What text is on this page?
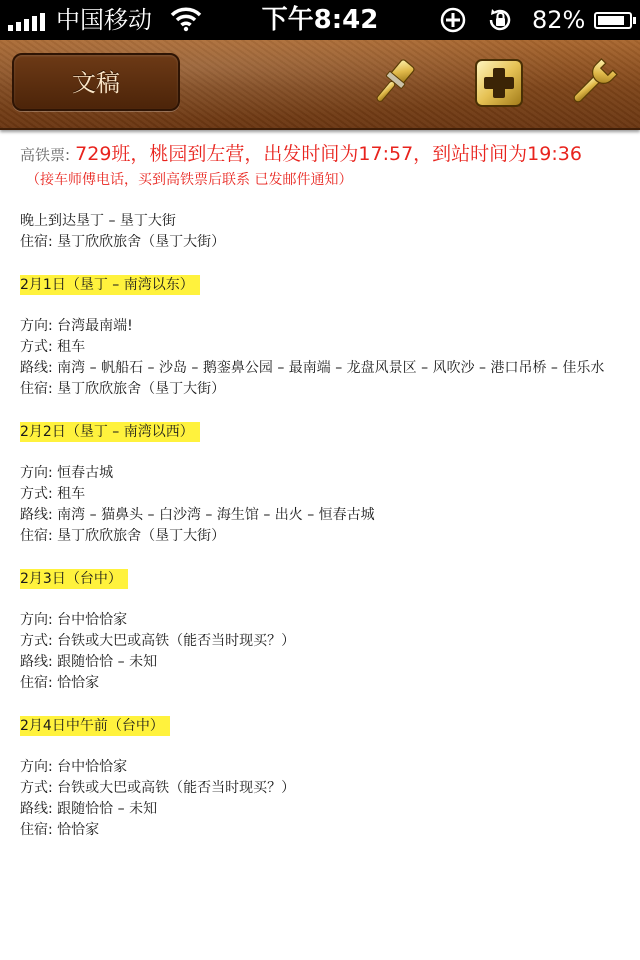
中国移动	下午8:42	82%
文稿
高铁票: 729班，桃园到左营，出发时间为17:57，到站时间为19:36
（接车师傅电话，买到高铁票后联系 已发邮件通知）
晚上到达垦丁 – 垦丁大街
住宿: 垦丁欣欣旅舍（垦丁大街）
2月1日（垦丁 – 南湾以东）
方向: 台湾最南端!
方式: 租车
路线: 南湾 – 帆船石 – 沙岛 – 鹅銮鼻公园 – 最南端 – 龙盘风景区 – 风吹沙 – 港口吊桥 – 佳乐水
住宿: 垦丁欣欣旅舍（垦丁大街）
2月2日（垦丁 – 南湾以西）
方向: 恒春古城
方式: 租车
路线: 南湾 – 猫鼻头 – 白沙湾 – 海生馆 – 出火 – 恒春古城
住宿: 垦丁欣欣旅舍（垦丁大街）
2月3日（台中）
方向: 台中恰恰家
方式: 台铁或大巴或高铁（能否当时现买？）
路线: 跟随恰恰 – 未知
住宿: 恰恰家
2月4日中午前（台中）
方向: 台中恰恰家
方式: 台铁或大巴或高铁（能否当时现买？）
路线: 跟随恰恰 – 未知
住宿: 恰恰家
